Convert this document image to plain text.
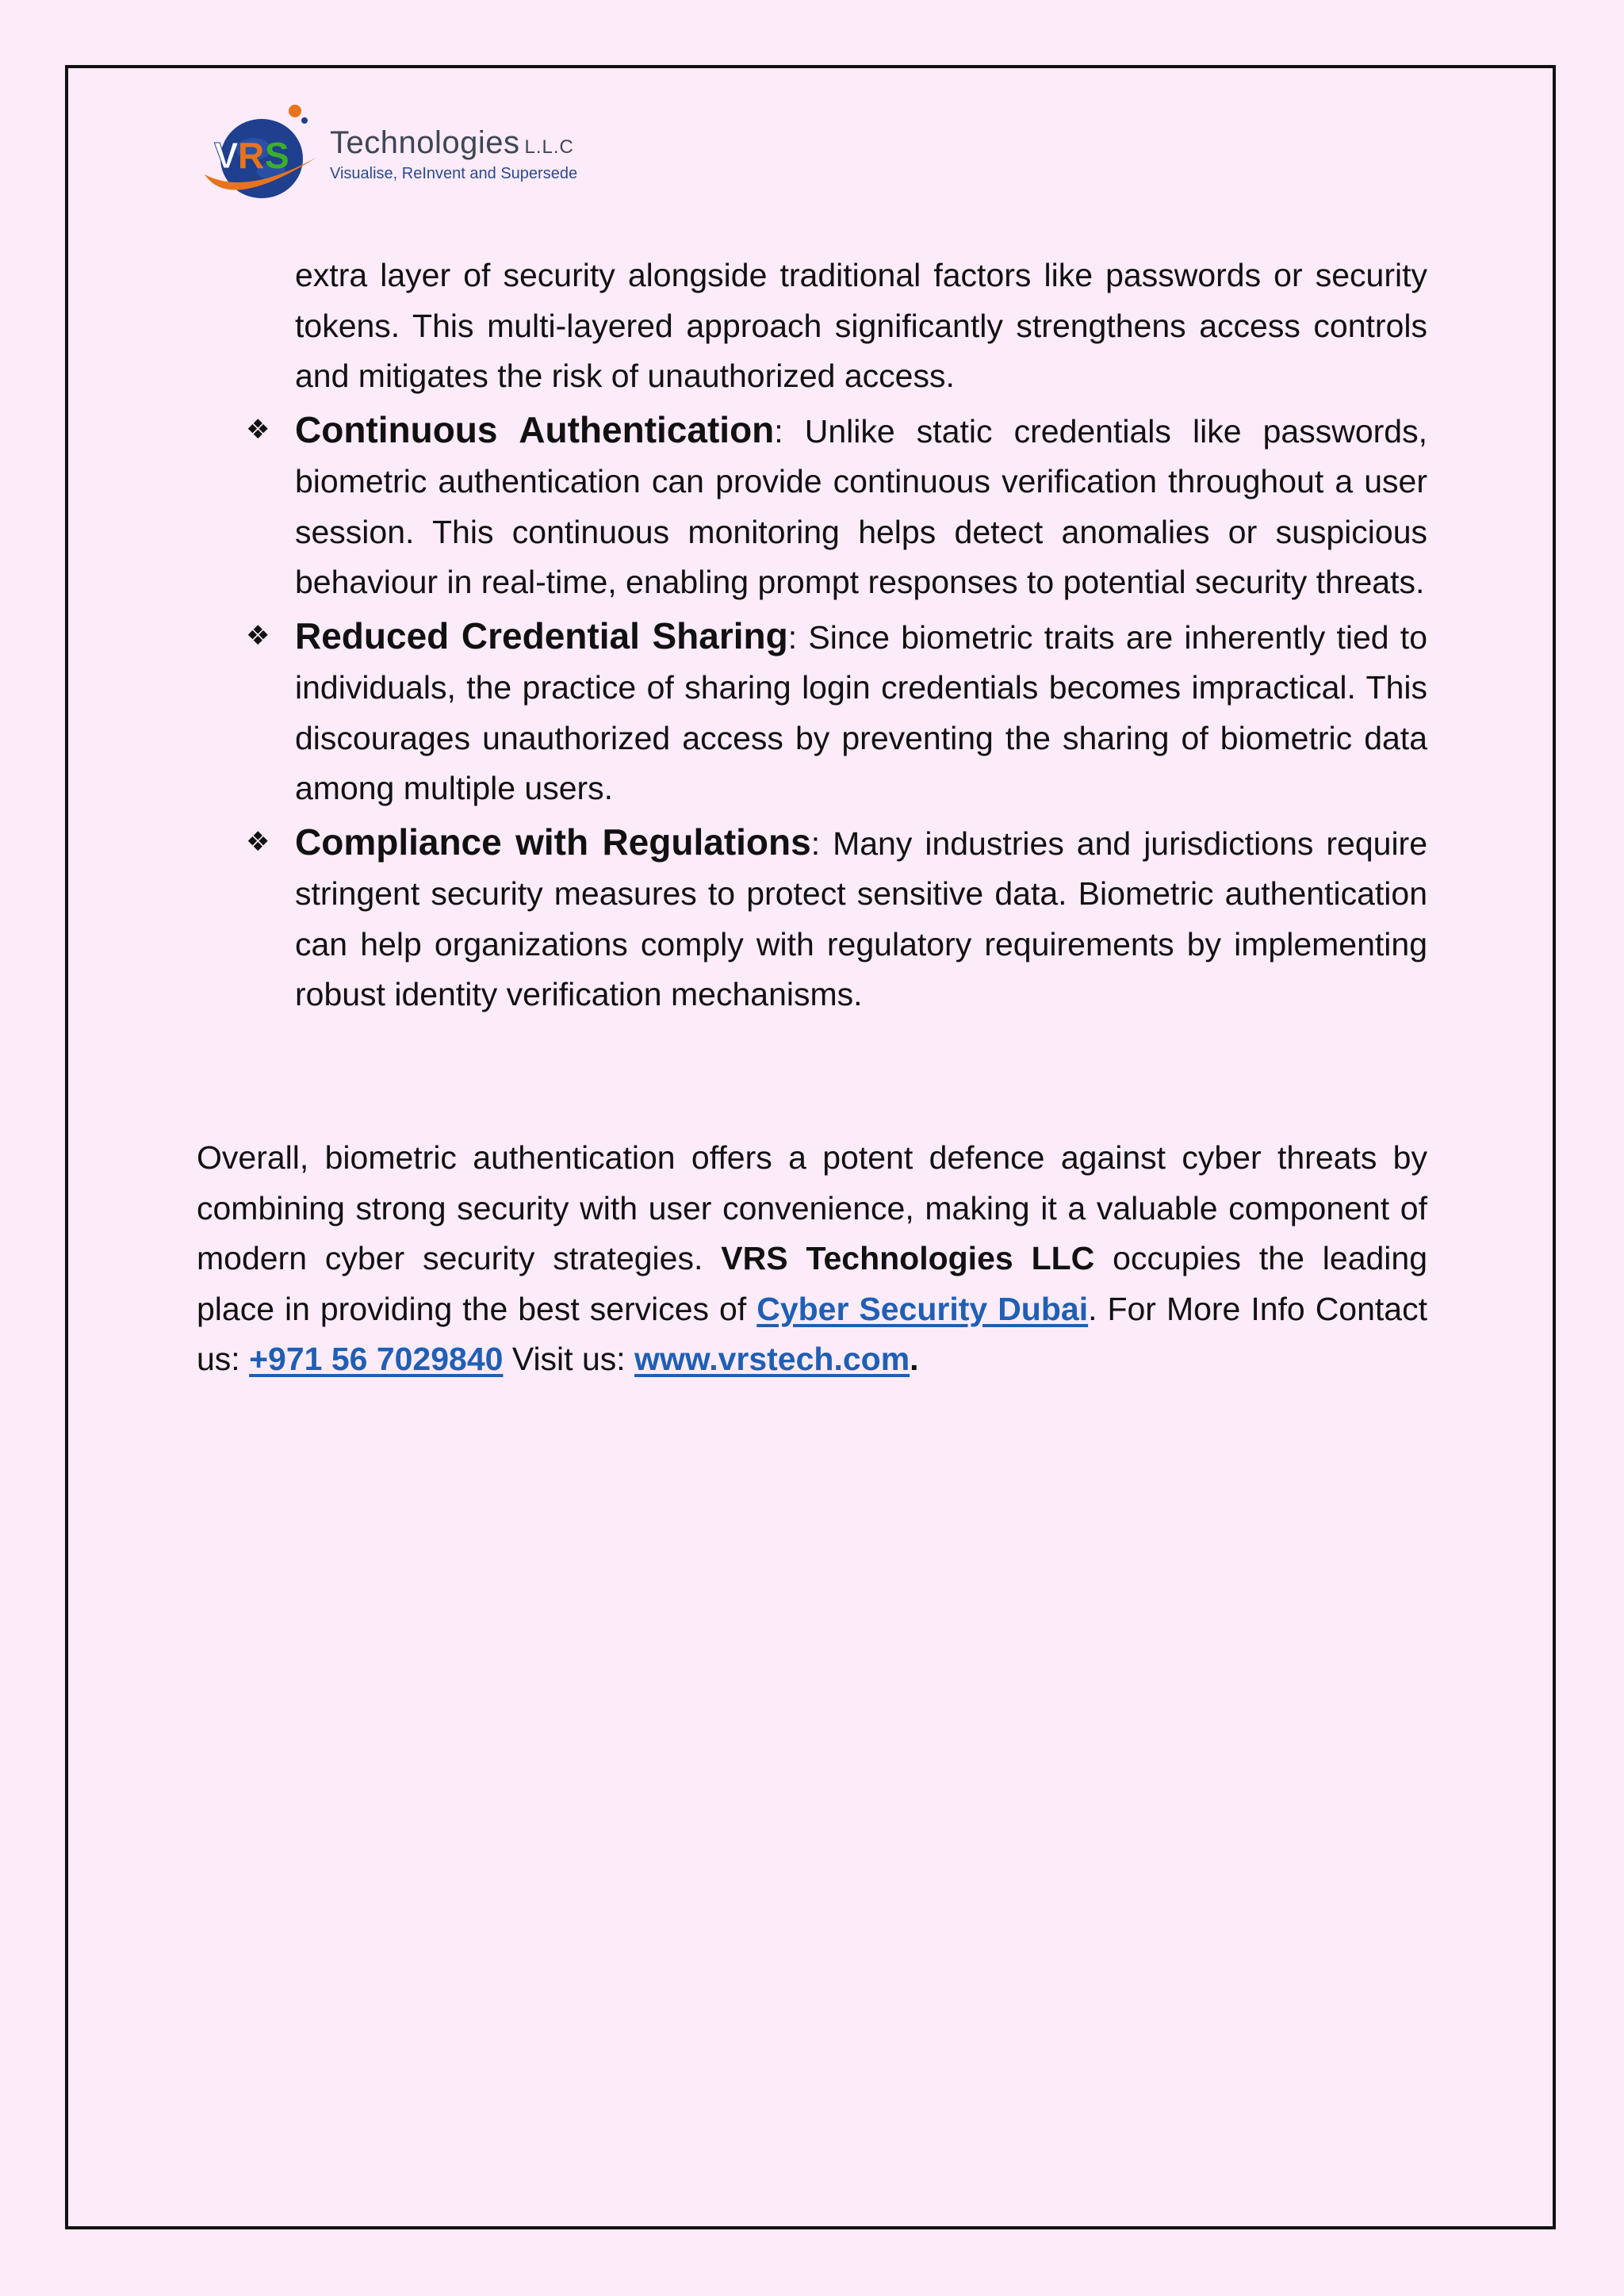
V R S Technologies L.L.C
Visualise, ReInvent and Supersede

extra layer of security alongside traditional factors like passwords or security tokens. This multi-layered approach significantly strengthens access controls and mitigates the risk of unauthorized access.

❖ Continuous Authentication: Unlike static credentials like passwords, biometric authentication can provide continuous verification throughout a user session. This continuous monitoring helps detect anomalies or suspicious behaviour in real-time, enabling prompt responses to potential security threats.
❖ Reduced Credential Sharing: Since biometric traits are inherently tied to individuals, the practice of sharing login credentials becomes impractical. This discourages unauthorized access by preventing the sharing of biometric data among multiple users.
❖ Compliance with Regulations: Many industries and jurisdictions require stringent security measures to protect sensitive data. Biometric authentication can help organizations comply with regulatory requirements by implementing robust identity verification mechanisms.

Overall, biometric authentication offers a potent defence against cyber threats by combining strong security with user convenience, making it a valuable component of modern cyber security strategies. VRS Technologies LLC occupies the leading place in providing the best services of Cyber Security Dubai. For More Info Contact us: +971 56 7029840 Visit us: www.vrstech.com.
